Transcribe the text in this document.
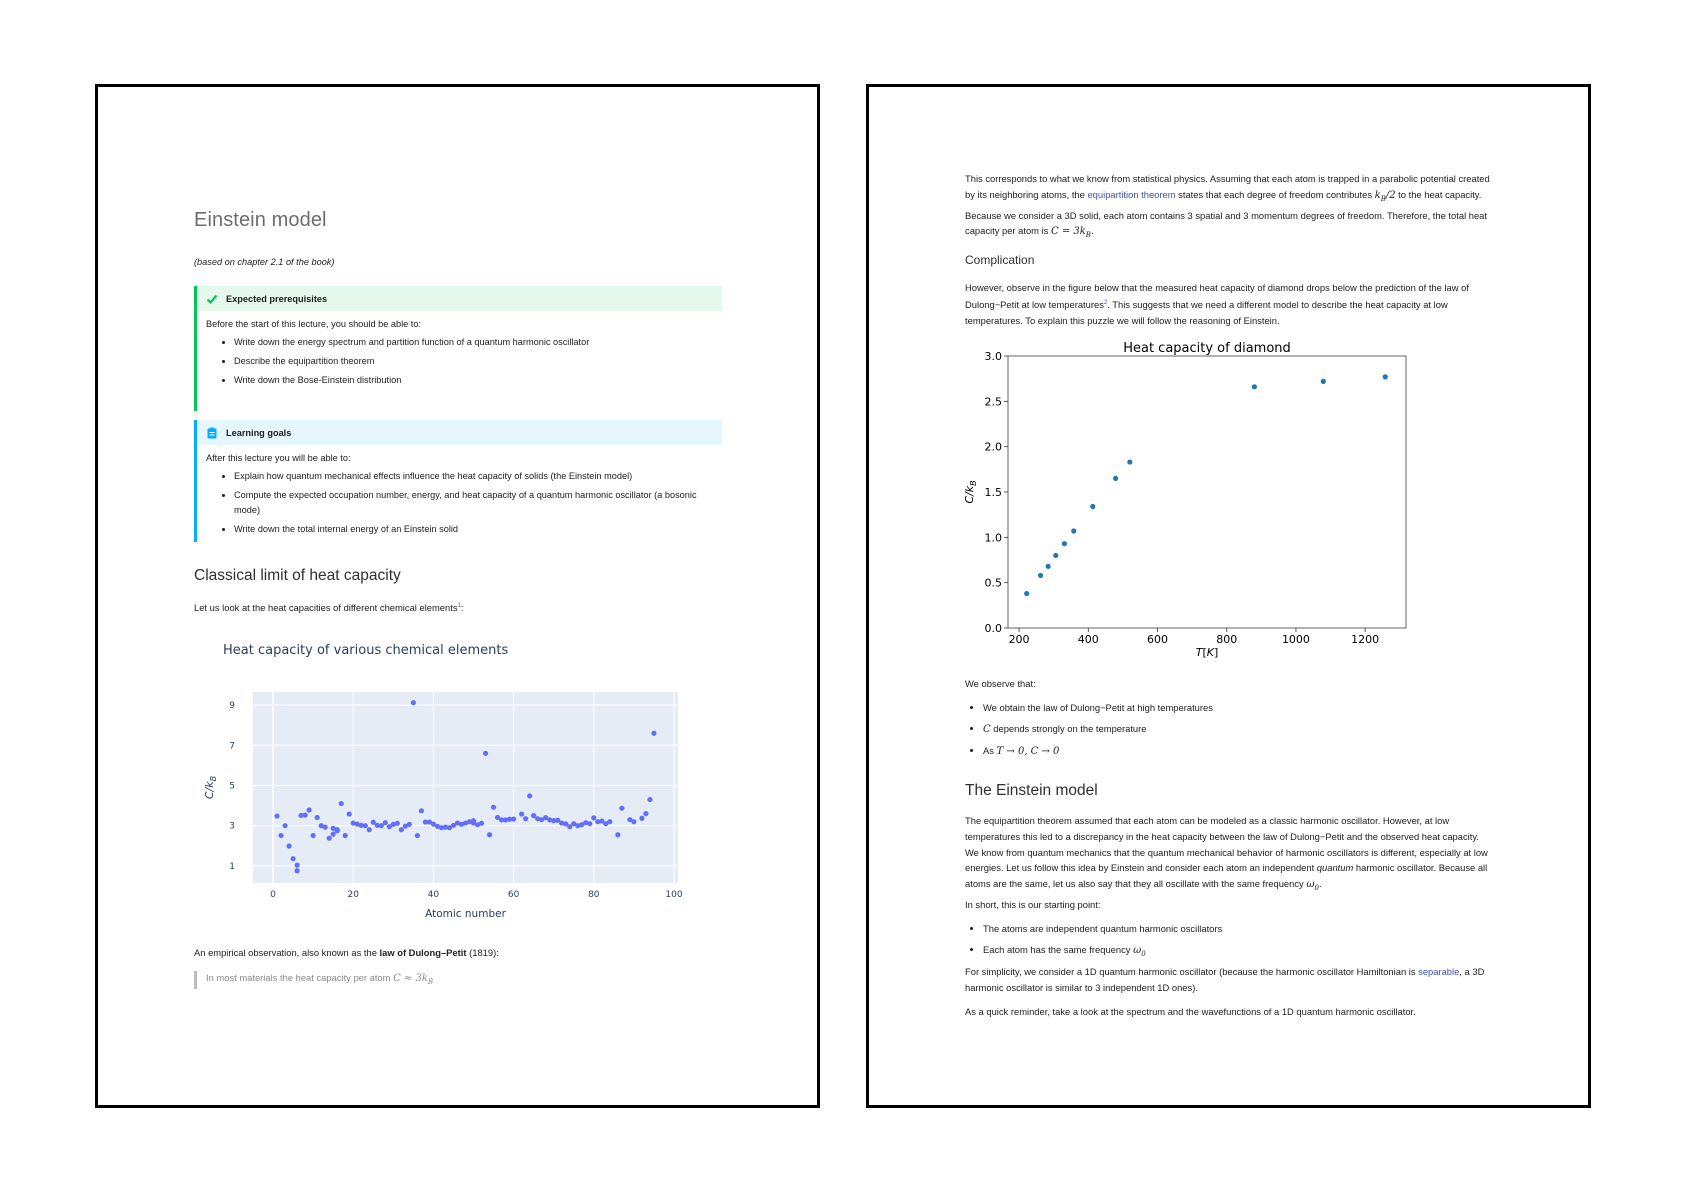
Einstein model
(based on chapter 2.1 of the book)
Expected prerequisites

Before the start of this lecture, you should be able to:

• Write down the energy spectrum and partition function of a quantum harmonic oscillator
• Describe the equipartition theorem
• Write down the Bose-Einstein distribution
Learning goals

After this lecture you will be able to:

• Explain how quantum mechanical effects influence the heat capacity of solids (the Einstein model)
• Compute the expected occupation number, energy, and heat capacity of a quantum harmonic oscillator (a bosonic mode)
• Write down the total internal energy of an Einstein solid
Classical limit of heat capacity
Let us look at the heat capacities of different chemical elements$^1$:
Heat capacity of various chemical elements
0	20	40	60	80	100
1
3
5
7
9
Atomic number
$C/k_B$
An empirical observation, also known as the law of Dulong–Petit (1819):
In most materials the heat capacity per atom $C \approx 3k_B$
This corresponds to what we know from statistical physics. Assuming that each atom is trapped in a parabolic potential created by its neighboring atoms, the equipartition theorem states that each degree of freedom contributes $k_B/2$ to the heat capacity. Because we consider a 3D solid, each atom contains 3 spatial and 3 momentum degrees of freedom. Therefore, the total heat capacity per atom is $C = 3k_B$.
Complication
However, observe in the figure below that the measured heat capacity of diamond drops below the prediction of the law of Dulong−Petit at low temperatures$^2$. This suggests that we need a different model to describe the heat capacity at low temperatures. To explain this puzzle we will follow the reasoning of Einstein.
Heat capacity of diamond
200	400	600	800	1000	1200
0.0
0.5
1.0
1.5
2.0
2.5
3.0
T[K]
$C/k_B$
We observe that:
• We obtain the law of Dulong−Petit at high temperatures
• C depends strongly on the temperature
• As T → 0, C → 0
The Einstein model
The equipartition theorem assumed that each atom can be modeled as a classic harmonic oscillator. However, at low temperatures this led to a discrepancy in the heat capacity between the law of Dulong−Petit and the observed heat capacity. We know from quantum mechanics that the quantum mechanical behavior of harmonic oscillators is different, especially at low energies. Let us follow this idea by Einstein and consider each atom an independent quantum harmonic oscillator. Because all atoms are the same, let us also say that they all oscillate with the same frequency $\omega_0$.
In short, this is our starting point:
• The atoms are independent quantum harmonic oscillators
• Each atom has the same frequency $\omega_0$
For simplicity, we consider a 1D quantum harmonic oscillator (because the harmonic oscillator Hamiltonian is separable, a 3D harmonic oscillator is similar to 3 independent 1D ones).
As a quick reminder, take a look at the spectrum and the wavefunctions of a 1D quantum harmonic oscillator.
